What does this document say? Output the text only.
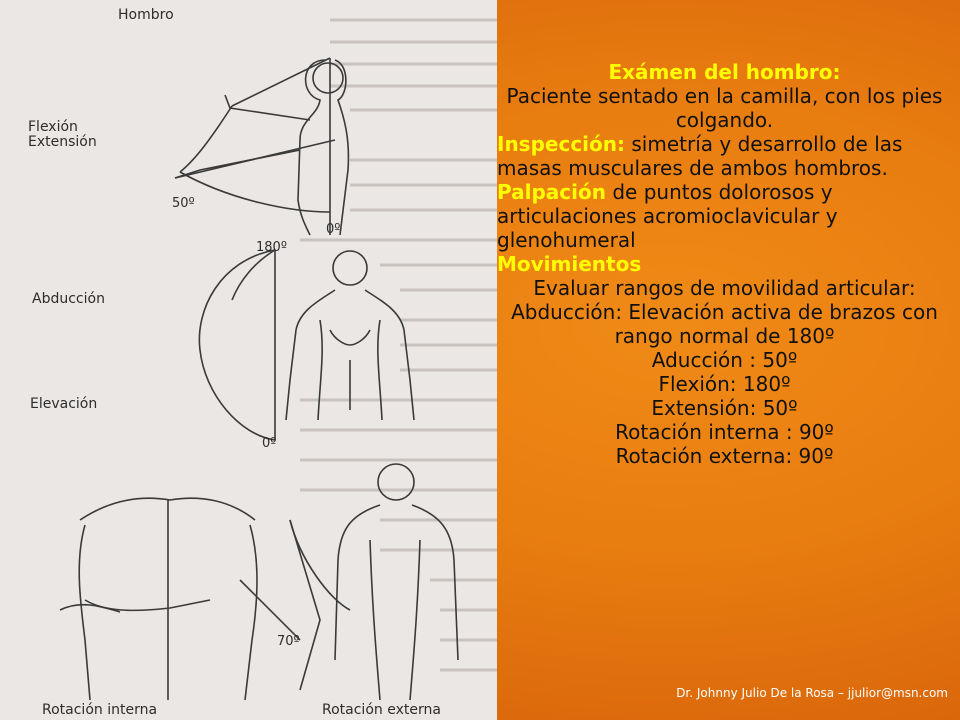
Hombro
Flexión
Extensión
50º
0º
180º
Abducción
Elevación
0º
70º
Rotación interna	Rotación externa
Exámen del hombro:
Paciente sentado en la camilla, con los pies colgando.
Inspección: simetría y desarrollo de las masas musculares de ambos hombros.
Palpación de puntos dolorosos y articulaciones acromioclavicular y glenohumeral
Movimientos
Evaluar rangos de movilidad articular:
Abducción: Elevación activa de brazos con rango normal de 180º
Aducción : 50º
Flexión: 180º
Extensión: 50º
Rotación interna : 90º
Rotación externa: 90º
Dr. Johnny Julio De la Rosa – jjulior@msn.com
